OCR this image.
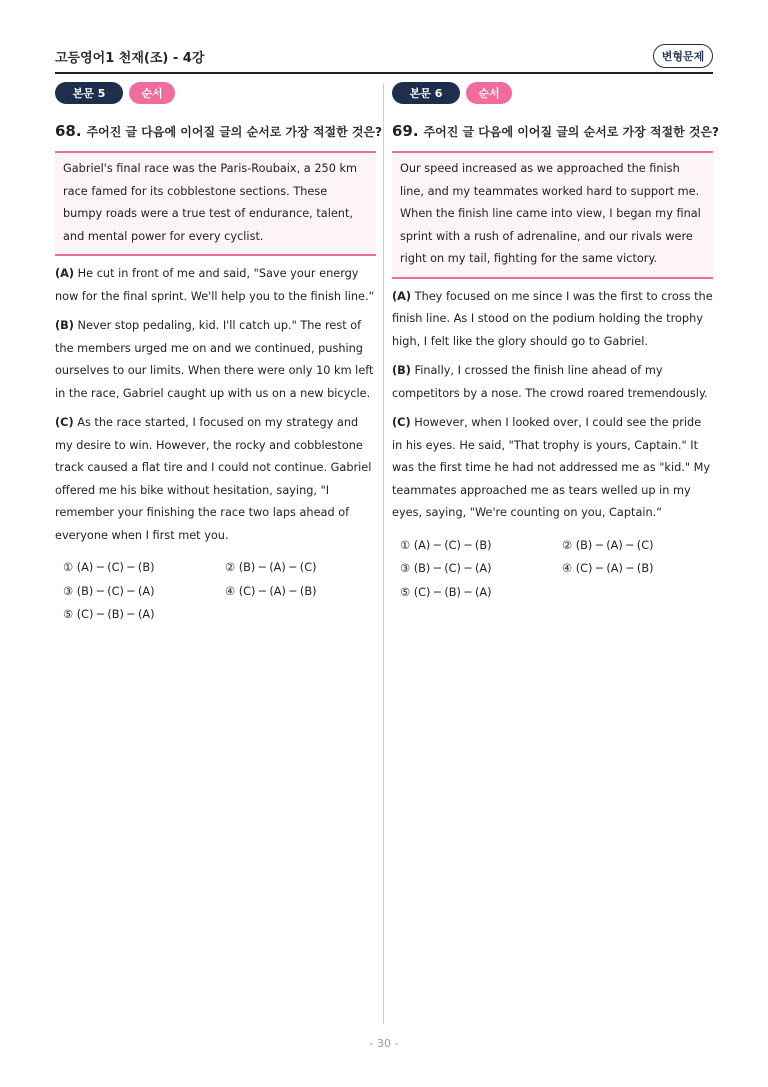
고등영어1 천재(조) - 4강	변형문제
본문 5	순서
68. 주어진 글 다음에 이어질 글의 순서로 가장 적절한 것은?
Gabriel's final race was the Paris-Roubaix, a 250 km race famed for its cobblestone sections. These bumpy roads were a true test of endurance, talent, and mental power for every cyclist.
(A) He cut in front of me and said, "Save your energy now for the final sprint. We'll help you to the finish line.“
(B) Never stop pedaling, kid. I'll catch up." The rest of the members urged me on and we continued, pushing ourselves to our limits. When there were only 10 km left in the race, Gabriel caught up with us on a new bicycle.
(C) As the race started, I focused on my strategy and my desire to win. However, the rocky and cobblestone track caused a flat tire and I could not continue. Gabriel offered me his bike without hesitation, saying, "I remember your finishing the race two laps ahead of everyone when I first met you.
① (A) ─ (C) ─ (B)	② (B) ─ (A) ─ (C)
③ (B) ─ (C) ─ (A)	④ (C) ─ (A) ─ (B)
⑤ (C) ─ (B) ─ (A)
본문 6	순서
69. 주어진 글 다음에 이어질 글의 순서로 가장 적절한 것은?
Our speed increased as we approached the finish line, and my teammates worked hard to support me. When the finish line came into view, I began my final sprint with a rush of adrenaline, and our rivals were right on my tail, fighting for the same victory.
(A) They focused on me since I was the first to cross the finish line. As I stood on the podium holding the trophy high, I felt like the glory should go to Gabriel.
(B) Finally, I crossed the finish line ahead of my competitors by a nose. The crowd roared tremendously.
(C) However, when I looked over, I could see the pride in his eyes. He said, "That trophy is yours, Captain." It was the first time he had not addressed me as "kid." My teammates approached me as tears welled up in my eyes, saying, "We're counting on you, Captain.“
① (A) ─ (C) ─ (B)	② (B) ─ (A) ─ (C)
③ (B) ─ (C) ─ (A)	④ (C) ─ (A) ─ (B)
⑤ (C) ─ (B) ─ (A)
- 30 -
